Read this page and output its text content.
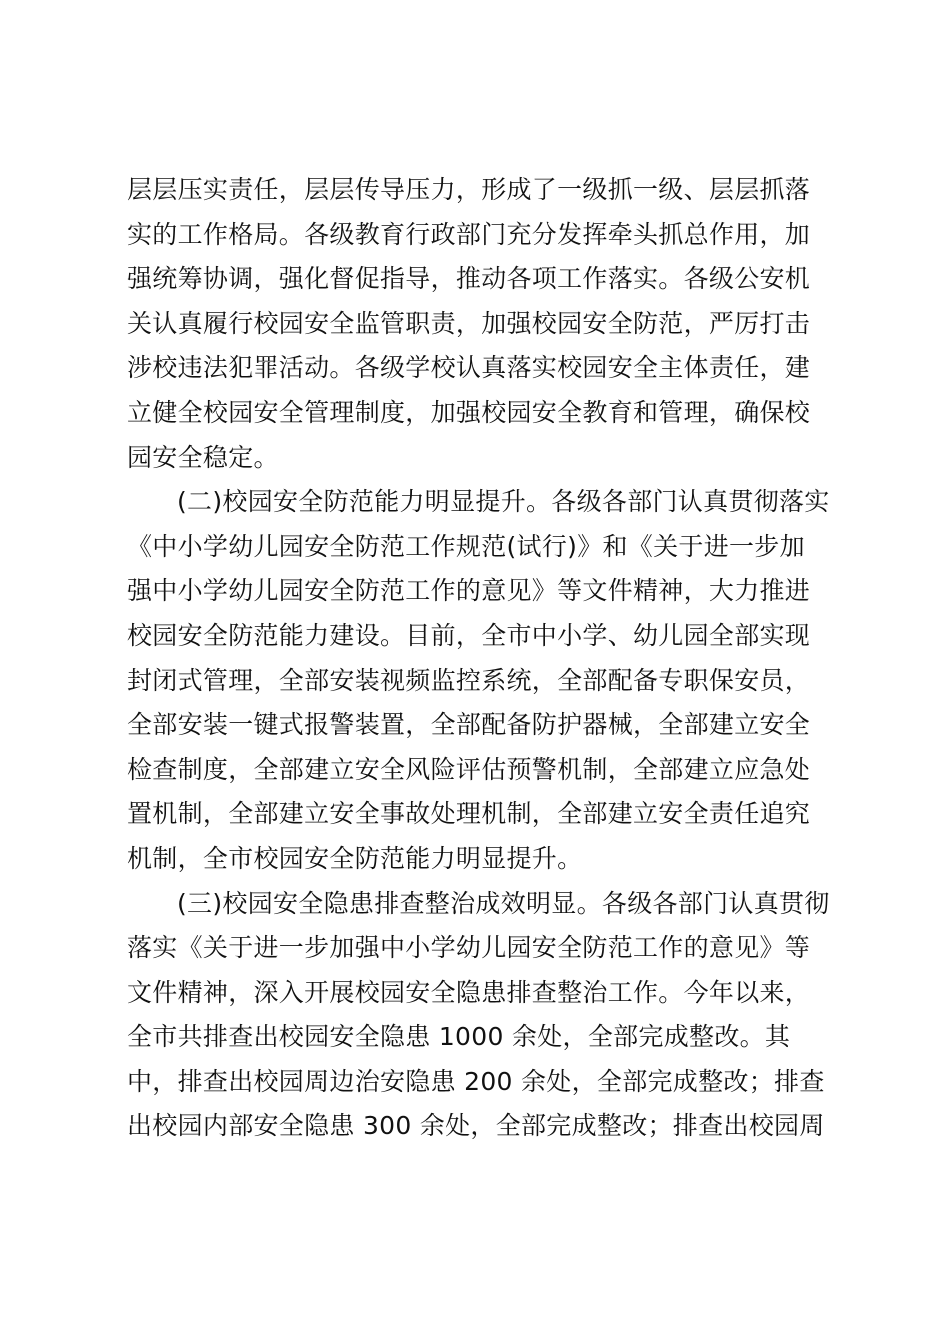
层层压实责任，层层传导压力，形成了一级抓一级、层层抓落
实的工作格局。各级教育行政部门充分发挥牵头抓总作用，加
强统筹协调，强化督促指导，推动各项工作落实。各级公安机
关认真履行校园安全监管职责，加强校园安全防范，严厉打击
涉校违法犯罪活动。各级学校认真落实校园安全主体责任，建
立健全校园安全管理制度，加强校园安全教育和管理，确保校
园安全稳定。
(二)校园安全防范能力明显提升。各级各部门认真贯彻落实
《中小学幼儿园安全防范工作规范(试行)》和《关于进一步加
强中小学幼儿园安全防范工作的意见》等文件精神，大力推进
校园安全防范能力建设。目前，全市中小学、幼儿园全部实现
封闭式管理，全部安装视频监控系统，全部配备专职保安员，
全部安装一键式报警装置，全部配备防护器械，全部建立安全
检查制度，全部建立安全风险评估预警机制，全部建立应急处
置机制，全部建立安全事故处理机制，全部建立安全责任追究
机制，全市校园安全防范能力明显提升。
(三)校园安全隐患排查整治成效明显。各级各部门认真贯彻
落实《关于进一步加强中小学幼儿园安全防范工作的意见》等
文件精神，深入开展校园安全隐患排查整治工作。今年以来，
全市共排查出校园安全隐患 1000 余处，全部完成整改。其
中，排查出校园周边治安隐患 200 余处，全部完成整改；排查
出校园内部安全隐患 300 余处，全部完成整改；排查出校园周
